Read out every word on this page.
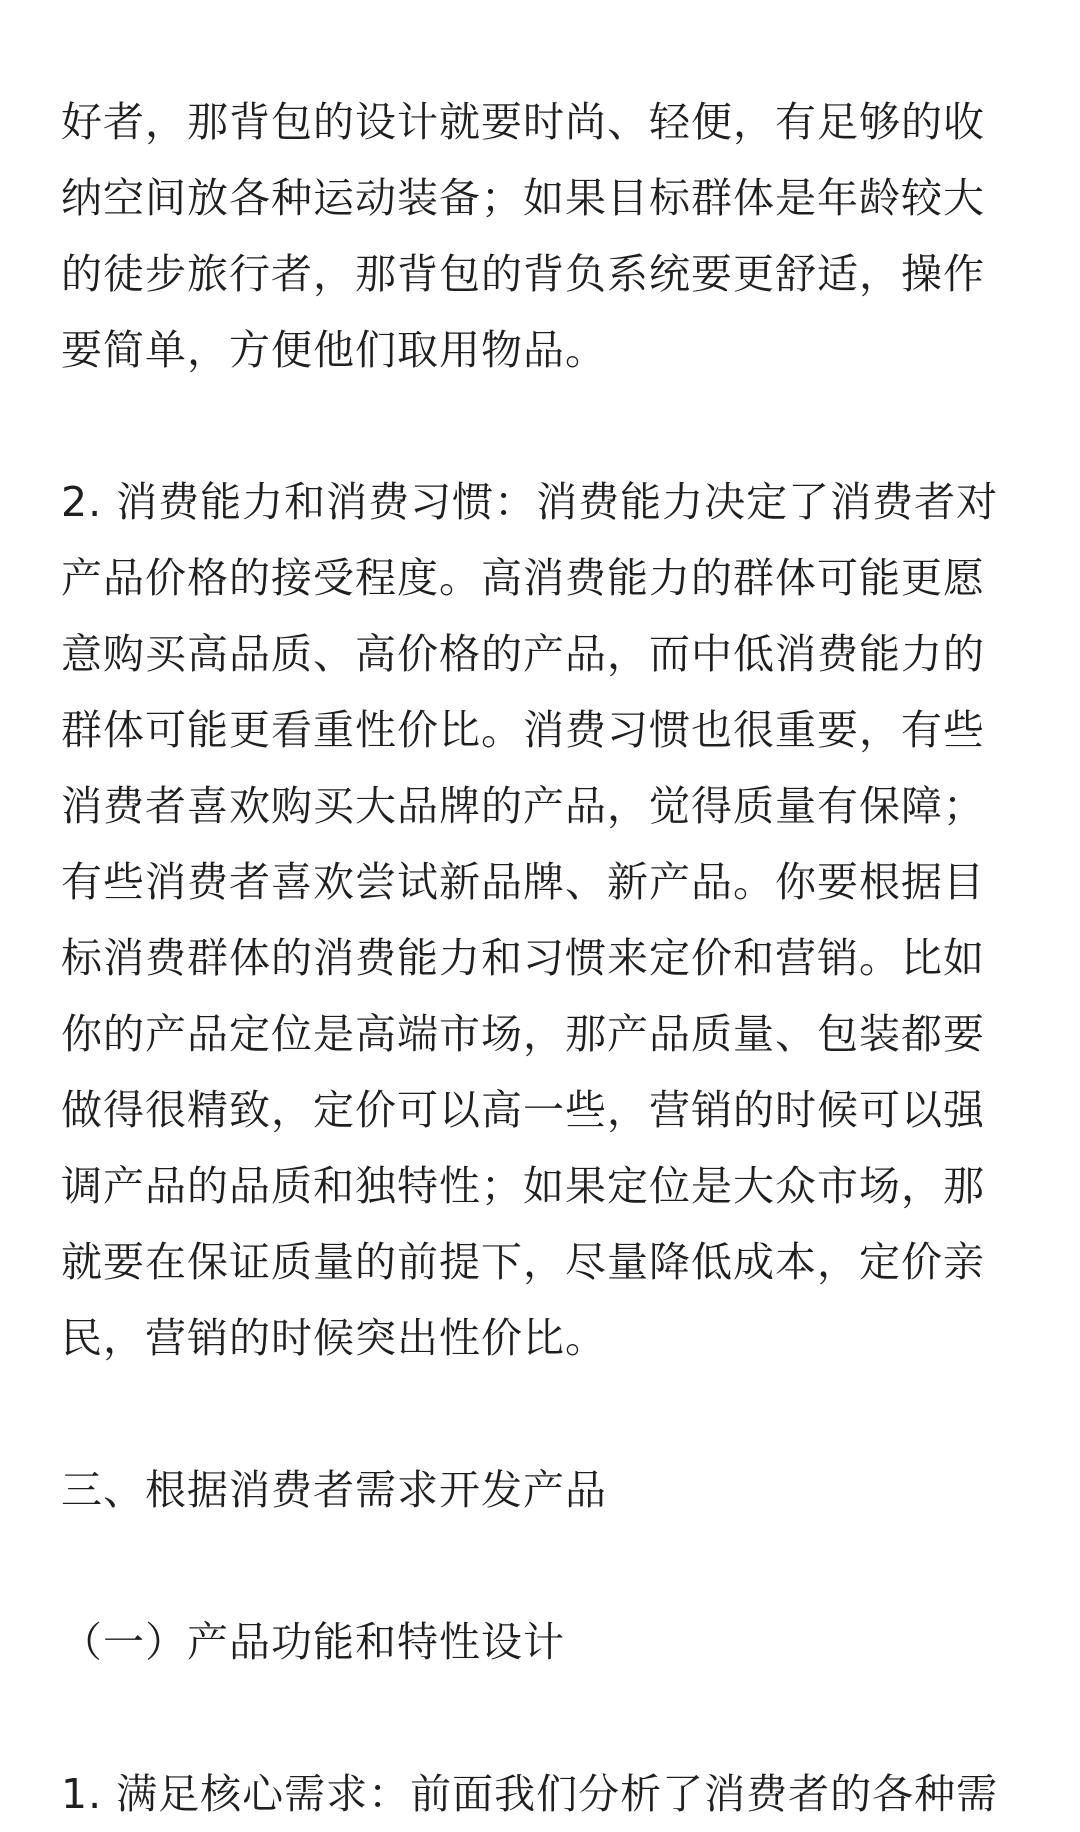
好者，那背包的设计就要时尚、轻便，有足够的收
纳空间放各种运动装备；如果目标群体是年龄较大
的徒步旅行者，那背包的背负系统要更舒适，操作
要简单，方便他们取用物品。
2. 消费能力和消费习惯：消费能力决定了消费者对
产品价格的接受程度。高消费能力的群体可能更愿
意购买高品质、高价格的产品，而中低消费能力的
群体可能更看重性价比。消费习惯也很重要，有些
消费者喜欢购买大品牌的产品，觉得质量有保障；
有些消费者喜欢尝试新品牌、新产品。你要根据目
标消费群体的消费能力和习惯来定价和营销。比如
你的产品定位是高端市场，那产品质量、包装都要
做得很精致，定价可以高一些，营销的时候可以强
调产品的品质和独特性；如果定位是大众市场，那
就要在保证质量的前提下，尽量降低成本，定价亲
民，营销的时候突出性价比。
三、根据消费者需求开发产品
（一）产品功能和特性设计
1. 满足核心需求：前面我们分析了消费者的各种需
